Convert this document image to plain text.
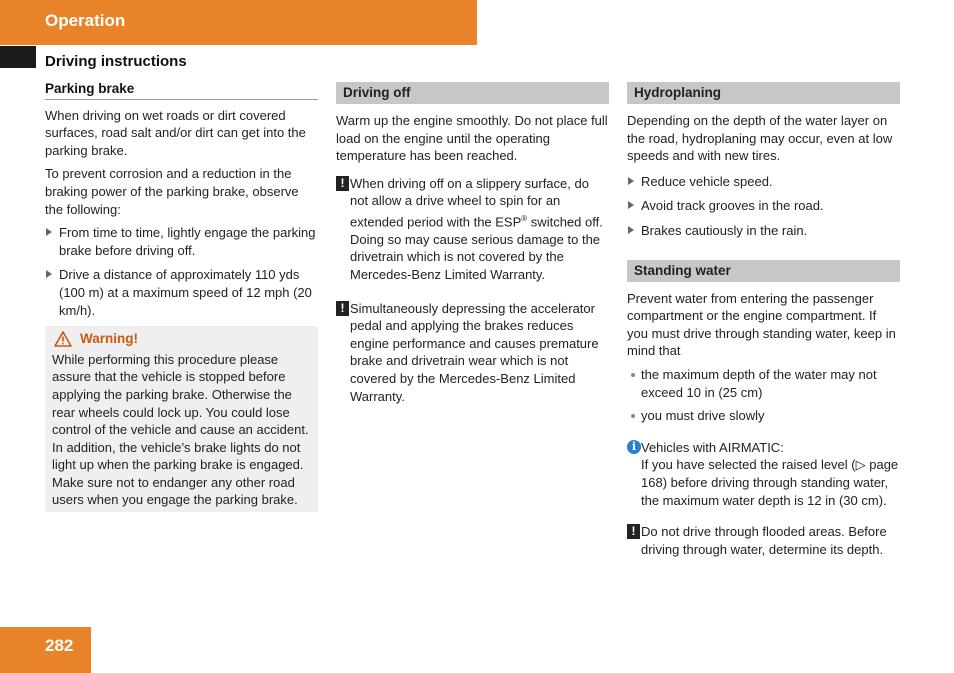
Operation
Driving instructions
Parking brake

When driving on wet roads or dirt covered surfaces, road salt and/or dirt can get into the parking brake.

To prevent corrosion and a reduction in the braking power of the parking brake, observe the following:

From time to time, lightly engage the parking brake before driving off.
Drive a distance of approximately 110 yds (100 m) at a maximum speed of 12 mph (20 km/h).
Warning!
While performing this procedure please assure that the vehicle is stopped before applying the parking brake. Otherwise the rear wheels could lock up. You could lose control of the vehicle and cause an accident. In addition, the vehicle’s brake lights do not light up when the parking brake is engaged. Make sure not to endanger any other road users when you engage the parking brake.
Driving off

Warm up the engine smoothly. Do not place full load on the engine until the operating temperature has been reached.

! When driving off on a slippery surface, do not allow a drive wheel to spin for an extended period with the ESP® switched off. Doing so may cause serious damage to the drivetrain which is not covered by the Mercedes-Benz Limited Warranty.
! Simultaneously depressing the accelerator pedal and applying the brakes reduces engine performance and causes premature brake and drivetrain wear which is not covered by the Mercedes-Benz Limited Warranty.
Hydroplaning

Depending on the depth of the water layer on the road, hydroplaning may occur, even at low speeds and with new tires.

Reduce vehicle speed.
Avoid track grooves in the road.
Brakes cautiously in the rain.
Standing water

Prevent water from entering the passenger compartment or the engine compartment. If you must drive through standing water, keep in mind that

the maximum depth of the water may not exceed 10 in (25 cm)
you must drive slowly
i Vehicles with AIRMATIC:
If you have selected the raised level (▷ page 168) before driving through standing water, the maximum water depth is 12 in (30 cm).
! Do not drive through flooded areas. Before driving through water, determine its depth.
282
